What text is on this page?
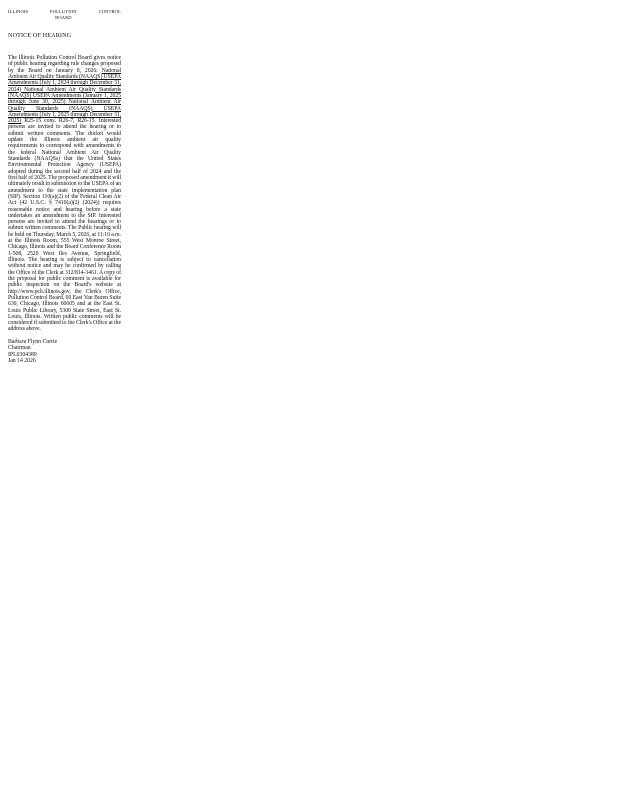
ILLINOIS	POLLUTION BOARD
CONTROL
NOTICE OF HEARING
The Illinois Pollution Control Board gives notice of public hearing regarding rule changes proposed by the Board on January 8, 2026: National Ambient Air Quality Standards (NAAQS) USEPA Amendments (July 1, 2024 through December 31, 2024) National Ambient Air Quality Standards (NAAQS) USEPA Amendments (January 1, 2025 through June 30, 2025) National Ambient Air Quality Standards (NAAQS) USEPA Amendments (July 1, 2025 through December 31, 2025) R25-15 cons. R26-7, R26-15. Interested persons are invited to attend the hearing or to submit written comments. The docket would update the Illinois ambient air quality requirements to correspond with amendments to the federal National Ambient Air Quality Standards (NAAQSs) that the United States Environmental Protection Agency (USEPA) adopted during the second half of 2024 and the first half of 2025. The proposed amendment it will ultimately result in submission to the USEPA of an amendment to the state implementation plan (SIP). Section 110(a)(2) of the Federal Clean Air Act (42 U.S.C. § 7410(a)(2) (2024)) requires reasonable notice and hearing before a state undertakes an amendment to the SIP. Interested persons are invited to attend the hearings or to submit written comments. The Public hearing will be held on Thursday, March 5, 2026, at 11:10 a.m. at the Illinois Room, 555 West Monroe Street, Chicago, Illinois and the Board Conference Room 1-508, 2520 West Iles Avenue, Springfield, Illinois. The hearing is subject to cancellation without notice and may be confirmed by calling the Office of the Clerk at 312/814-3461. A copy of the proposal for public comment is available for public inspection on the Board's website at http://www.pcb.illinois.gov, the Clerk's Office, Pollution Control Board, 60 East Van Buren Suite 630, Chicago, Illinois 60605 and at the East St. Louis Public Library, 5300 State Street, East St. Louis, Illinois. Written public comments will be considered if submitted to the Clerk's Office at the address above.
Barbara Flynn Currie
Chairman
IPL0304389
Jan 14 2026
